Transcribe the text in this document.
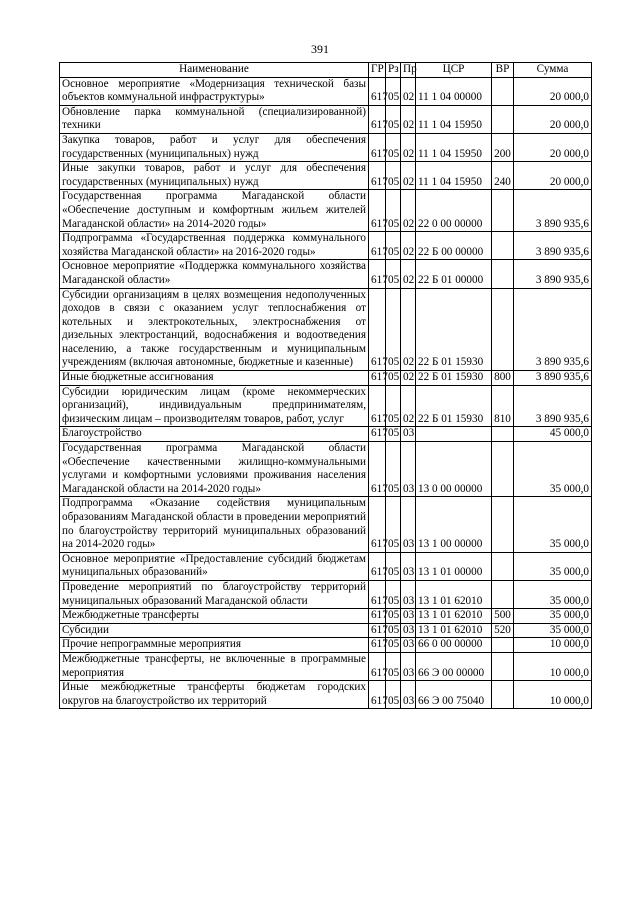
391
Наименование	ГР	Рз	Пр	ЦСР	ВР	Сумма
Основное мероприятие «Модернизация технической базы объектов коммунальной инфраструктуры»	617	05	02	11 1 04 00000		20 000,0
Обновление парка коммунальной (специализированной) техники	617	05	02	11 1 04 15950		20 000,0
Закупка товаров, работ и услуг для обеспечения государственных (муниципальных) нужд	617	05	02	11 1 04 15950	200	20 000,0
Иные закупки товаров, работ и услуг для обеспечения государственных (муниципальных) нужд	617	05	02	11 1 04 15950	240	20 000,0
Государственная программа Магаданской области «Обеспечение доступным и комфортным жильем жителей Магаданской области» на 2014-2020 годы»	617	05	02	22 0 00 00000		3 890 935,6
Подпрограмма «Государственная поддержка коммунального хозяйства Магаданской области» на 2016-2020 годы»	617	05	02	22 Б 00 00000		3 890 935,6
Основное мероприятие «Поддержка коммунального хозяйства Магаданской области»	617	05	02	22 Б 01 00000		3 890 935,6
Субсидии организациям в целях возмещения недополученных доходов в связи с оказанием услуг теплоснабжения от котельных и электрокотельных, электроснабжения от дизельных электростанций, водоснабжения и водоотведения населению, а также государственным и муниципальным учреждениям (включая автономные, бюджетные и казенные)	617	05	02	22 Б 01 15930		3 890 935,6
Иные бюджетные ассигнования	617	05	02	22 Б 01 15930	800	3 890 935,6
Субсидии юридическим лицам (кроме некоммерческих организаций), индивидуальным предпринимателям, физическим лицам – производителям товаров, работ, услуг	617	05	02	22 Б 01 15930	810	3 890 935,6
Благоустройство	617	05	03			45 000,0
Государственная программа Магаданской области «Обеспечение качественными жилищно-коммунальными услугами и комфортными условиями проживания населения Магаданской области на 2014-2020 годы»	617	05	03	13 0 00 00000		35 000,0
Подпрограмма «Оказание содействия муниципальным образованиям Магаданской области в проведении мероприятий по благоустройству территорий муниципальных образований на 2014-2020 годы»	617	05	03	13 1 00 00000		35 000,0
Основное мероприятие «Предоставление субсидий бюджетам муниципальных образований»	617	05	03	13 1 01 00000		35 000,0
Проведение мероприятий по благоустройству территорий муниципальных образований Магаданской области	617	05	03	13 1 01 62010		35 000,0
Межбюджетные трансферты	617	05	03	13 1 01 62010	500	35 000,0
Субсидии	617	05	03	13 1 01 62010	520	35 000,0
Прочие непрограммные мероприятия	617	05	03	66 0 00 00000		10 000,0
Межбюджетные трансферты, не включенные в программные мероприятия	617	05	03	66 Э 00 00000		10 000,0
Иные межбюджетные трансферты бюджетам городских округов на благоустройство их территорий	617	05	03	66 Э 00 75040		10 000,0
